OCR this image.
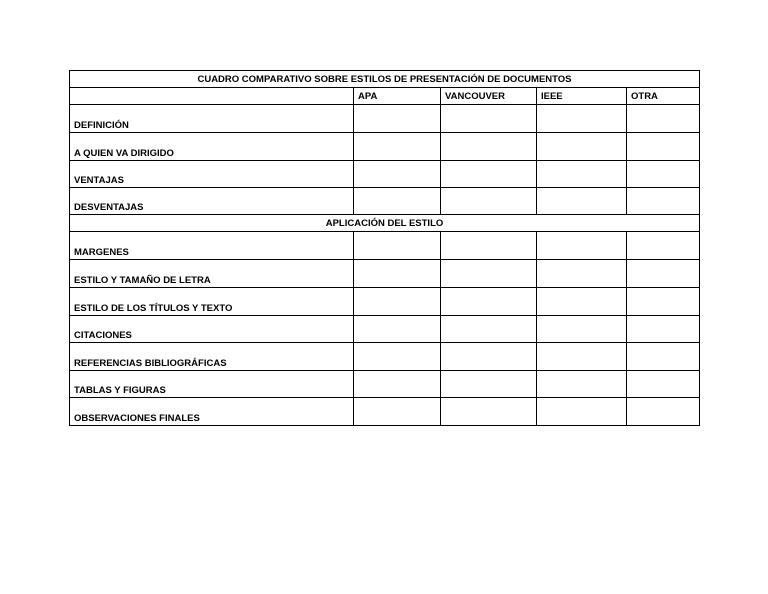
CUADRO COMPARATIVO SOBRE ESTILOS DE PRESENTACIÓN DE DOCUMENTOS				
	APA	VANCOUVER	IEEE	OTRA
DEFINICIÓN				
A QUIEN VA DIRIGIDO				
VENTAJAS				
DESVENTAJAS				
APLICACIÓN DEL ESTILO				
MARGENES				
ESTILO Y TAMAÑO DE LETRA				
ESTILO DE LOS TÍTULOS Y TEXTO				
CITACIONES				
REFERENCIAS BIBLIOGRÁFICAS				
TABLAS Y FIGURAS				
OBSERVACIONES FINALES				
